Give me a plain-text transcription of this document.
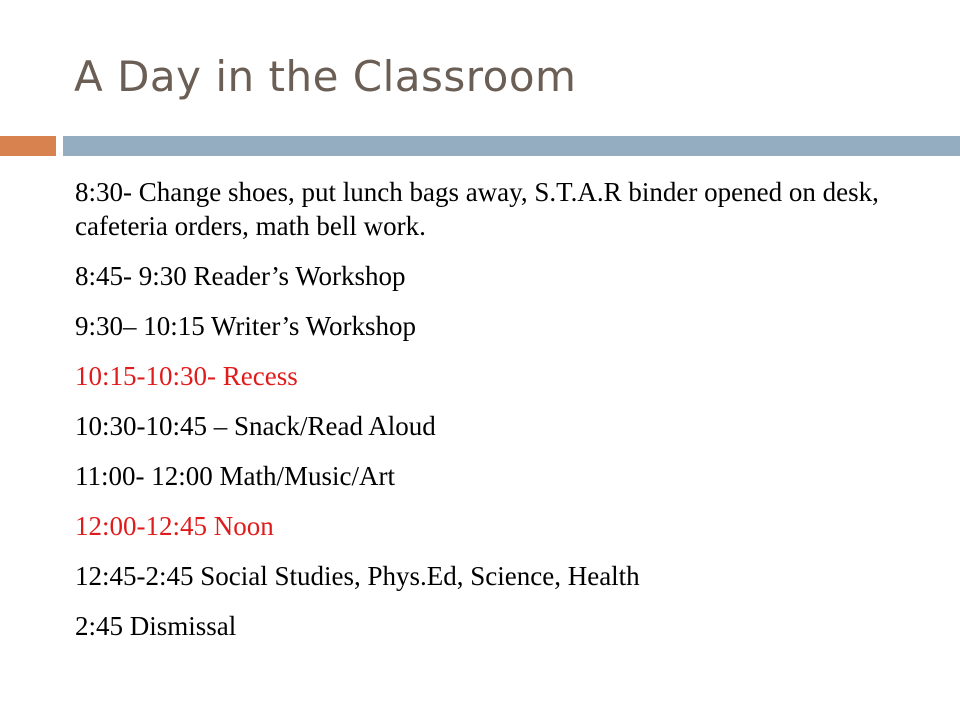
A Day in the Classroom
8:30- Change shoes, put lunch bags away, S.T.A.R binder opened on desk, cafeteria orders, math bell work.
8:45- 9:30 Reader’s Workshop
9:30– 10:15 Writer’s Workshop
10:15-10:30- Recess
10:30-10:45 – Snack/Read Aloud
11:00- 12:00 Math/Music/Art
12:00-12:45 Noon
12:45-2:45 Social Studies, Phys.Ed, Science, Health
2:45 Dismissal
